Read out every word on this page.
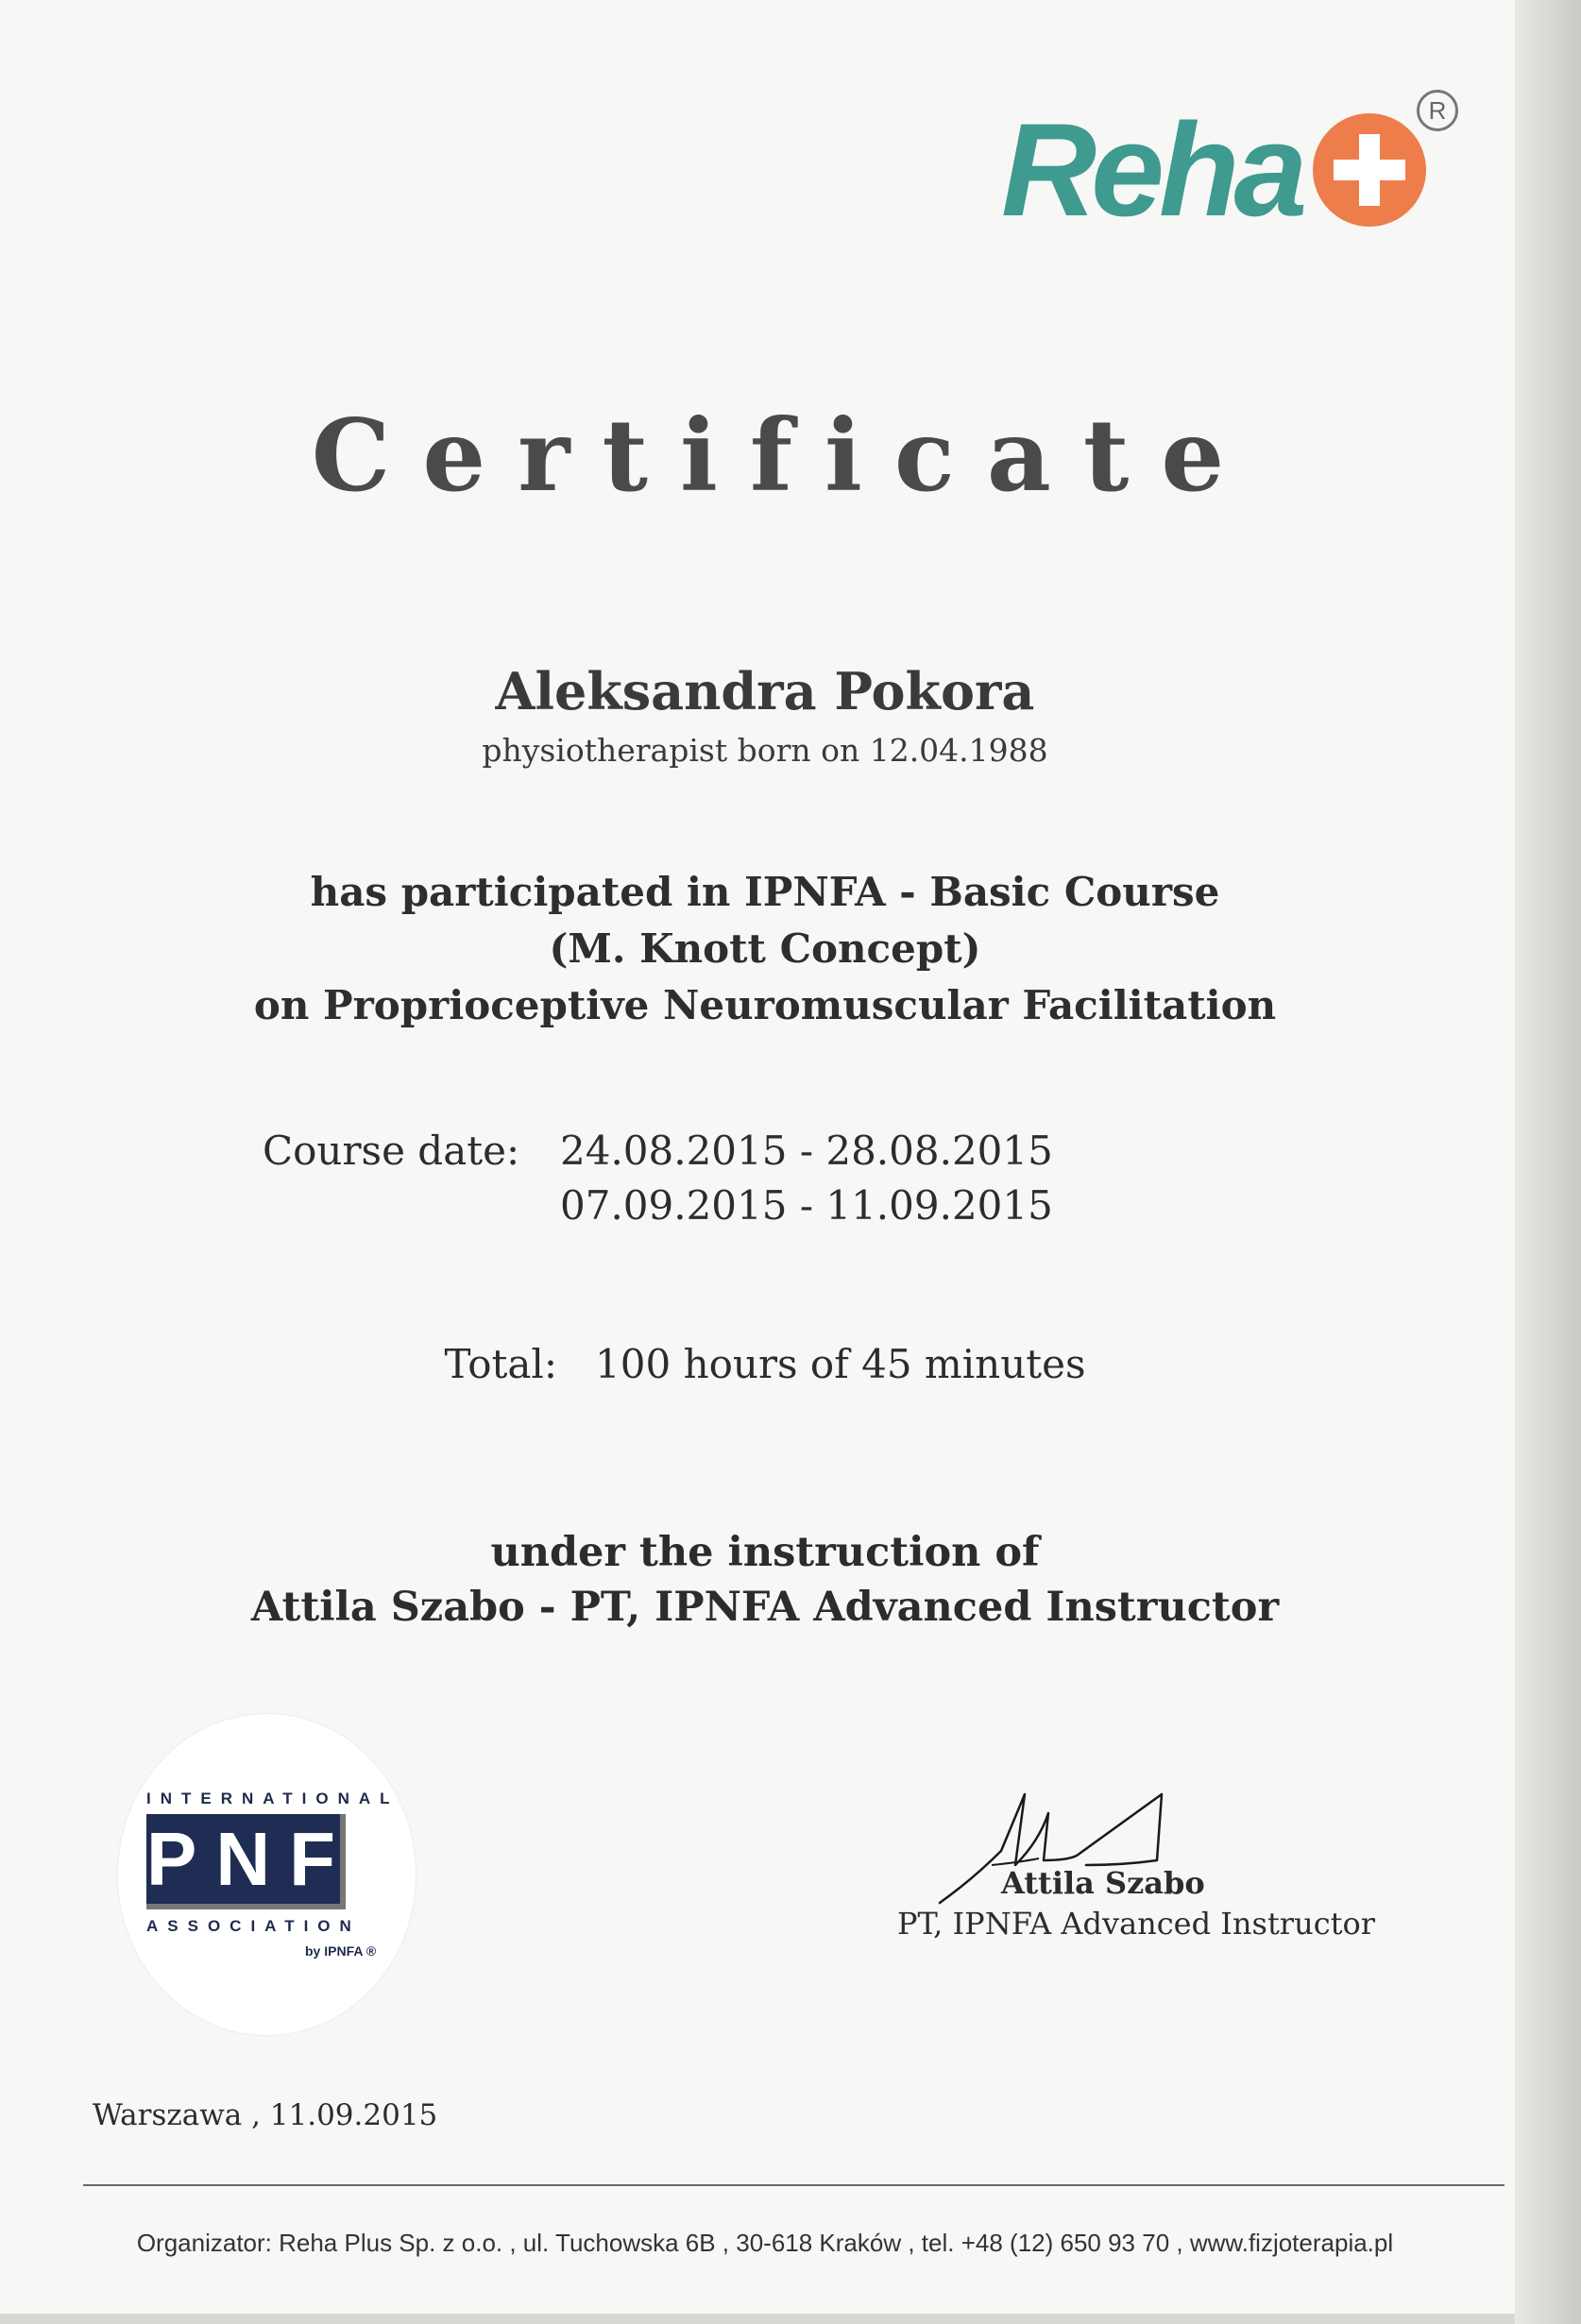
Reha	R
Certificate
Aleksandra Pokora
physiotherapist born on 12.04.1988
has participated in IPNFA - Basic Course
(M. Knott Concept)
on Proprioceptive Neuromuscular Facilitation
Course date: 24.08.2015 - 28.08.2015
07.09.2015 - 11.09.2015
Total: 100 hours of 45 minutes
under the instruction of
Attila Szabo - PT, IPNFA Advanced Instructor
INTERNATIONAL
PNF
ASSOCIATION
by IPNFA ®
Attila Szabo
PT, IPNFA Advanced Instructor
Warszawa , 11.09.2015
Organizator: Reha Plus Sp. z o.o. , ul. Tuchowska 6B , 30-618 Kraków , tel. +48 (12) 650 93 70 , www.fizjoterapia.pl
